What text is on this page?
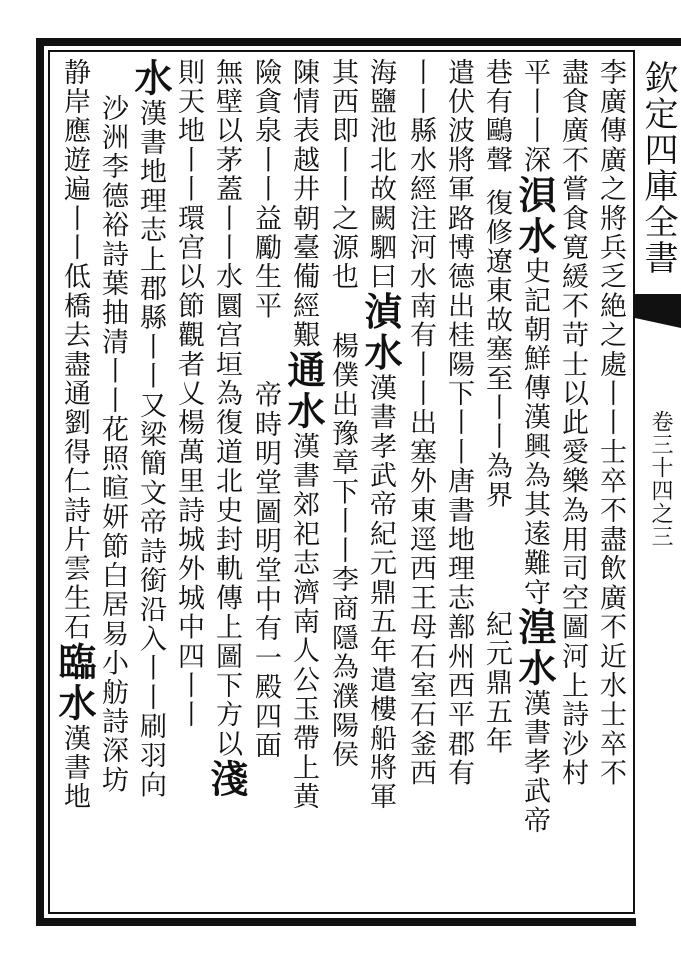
欽定四庫全書
卷三十四之三
李廣傳廣之將兵乏絶之處丨丨士卒不盡飲廣不近水士卒不
盡食廣不嘗食寛緩不苛士以此愛樂為用司空圖河上詩沙村
平丨丨深浿水史記朝鮮傳漢興為其逺難守湟水漢書孝武帝
巷有鷗聲復修遼東故塞至丨丨為界紀元鼎五年
遣伏波將軍路博德出桂陽下丨丨唐書地理志鄯州西平郡有
丨丨縣水經注河水南有丨丨出塞外東逕西王母石室石釜西
海鹽池北故闕駟曰湞水漢書孝武帝紀元鼎五年遣樓船將軍
其西即丨丨之源也楊僕出豫章下丨丨李商隱為濮陽侯
陳情表越井朝臺僃經艱通水漢書郊祀志濟南人公玉帶上黄
險貪泉丨丨益勵生平帝時明堂圖明堂中有一殿四面
無壁以茅蓋丨丨水圜宫垣為復道北史封軌傳上圖下方以淺
則天地丨丨環宫以節觀者乂楊萬里詩城外城中四丨丨
水漢書地理志上郡縣丨丨又梁簡文帝詩銜沿入丨丨刷羽向
沙洲李德裕詩葉抽清丨丨花照暄妍節白居易小舫詩深坊
静岸應遊遍丨丨低橋去盡通劉得仁詩片雲生石臨水漢書地
